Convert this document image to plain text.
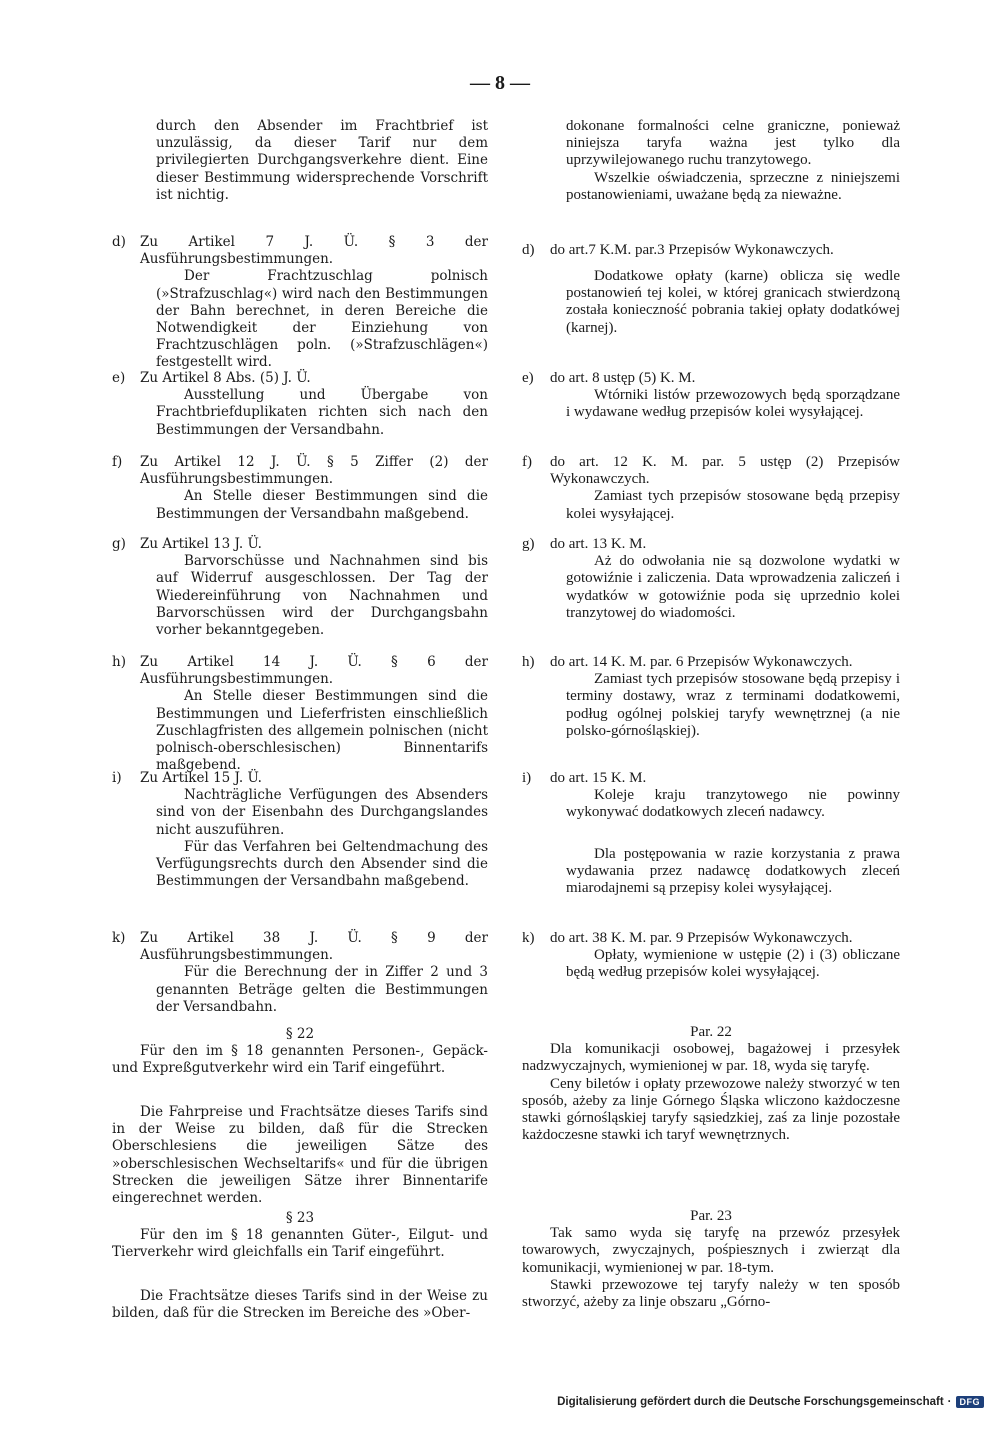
— 8 —

durch den Absender im Frachtbrief ist unzulässig, da dieser Tarif nur dem privilegierten Durchgangsverkehre dient. Eine dieser Bestimmung widersprechende Vorschrift ist nichtig.

d) Zu Artikel 7 J. Ü. § 3 der Ausführungsbestimmungen.

Der Frachtzuschlag polnisch (»Strafzuschlag«) wird nach den Bestimmungen der Bahn berechnet, in deren Bereiche die Notwendigkeit der Einziehung von Frachtzuschlägen poln. (»Strafzuschlägen«) festgestellt wird.

e) Zu Artikel 8 Abs. (5) J. Ü.

Ausstellung und Übergabe von Frachtbriefduplikaten richten sich nach den Bestimmungen der Versandbahn.

f) Zu Artikel 12 J. Ü. § 5 Ziffer (2) der Ausführungsbestimmungen.

An Stelle dieser Bestimmungen sind die Bestimmungen der Versandbahn maßgebend.

g) Zu Artikel 13 J. Ü.

Barvorschüsse und Nachnahmen sind bis auf Widerruf ausgeschlossen. Der Tag der Wiedereinführung von Nachnahmen und Barvorschüssen wird der Durchgangsbahn vorher bekanntgegeben.

h) Zu Artikel 14 J. Ü. § 6 der Ausführungsbestimmungen.

An Stelle dieser Bestimmungen sind die Bestimmungen und Lieferfristen einschließlich Zuschlagfristen des allgemein polnischen (nicht polnisch-oberschlesischen) Binnentarifs maßgebend.

i) Zu Artikel 15 J. Ü.

Nachträgliche Verfügungen des Absenders sind von der Eisenbahn des Durchgangslandes nicht auszuführen.

Für das Verfahren bei Geltendmachung des Verfügungsrechts durch den Absender sind die Bestimmungen der Versandbahn maßgebend.

k) Zu Artikel 38 J. Ü. § 9 der Ausführungsbestimmungen.

Für die Berechnung der in Ziffer 2 und 3 genannten Beträge gelten die Bestimmungen der Versandbahn.

§ 22

Für den im § 18 genannten Personen-, Gepäck- und Expreßgutverkehr wird ein Tarif eingeführt.

Die Fahrpreise und Frachtsätze dieses Tarifs sind in der Weise zu bilden, daß für die Strecken Oberschlesiens die jeweiligen Sätze des »oberschlesischen Wechseltarifs« und für die übrigen Strecken die jeweiligen Sätze ihrer Binnentarife eingerechnet werden.

§ 23

Für den im § 18 genannten Güter-, Eilgut- und Tierverkehr wird gleichfalls ein Tarif eingeführt.

Die Frachtsätze dieses Tarifs sind in der Weise zu bilden, daß für die Strecken im Bereiche des »Ober-

dokonane formalności celne graniczne, ponieważ niniejsza taryfa ważna jest tylko dla uprzywilejowanego ruchu tranzytowego.

Wszelkie oświadczenia, sprzeczne z niniejszemi postanowieniami, uważane będą za nieważne.

d) do art.7 K.M. par.3 Przepisów Wykonawczych.

Dodatkowe opłaty (karne) oblicza się wedle postanowień tej kolei, w której granicach stwierdzoną została konieczność pobrania takiej opłaty dodatkówej (karnej).

e) do art. 8 ustęp (5) K. M.

Wtórniki listów przewozowych będą sporządzane i wydawane według przepisów kolei wysyłającej.

f) do art. 12 K. M. par. 5 ustęp (2) Przepisów Wykonawczych.

Zamiast tych przepisów stosowane będą przepisy kolei wysyłającej.

g) do art. 13 K. M.

Aż do odwołania nie są dozwolone wydatki w gotowiźnie i zaliczenia. Data wprowadzenia zaliczeń i wydatków w gotowiźnie poda się uprzednio kolei tranzytowej do wiadomości.

h) do art. 14 K. M. par. 6 Przepisów Wykonawczych.

Zamiast tych przepisów stosowane będą przepisy i terminy dostawy, wraz z terminami dodatkowemi, podług ogólnej polskiej taryfy wewnętrznej (a nie polsko-górnośląskiej).

i) do art. 15 K. M.

Koleje kraju tranzytowego nie powinny wykonywać dodatkowych zleceń nadawcy.

Dla postępowania w razie korzystania z prawa wydawania przez nadawcę dodatkowych zleceń miarodajnemi są przepisy kolei wysyłającej.

k) do art. 38 K. M. par. 9 Przepisów Wykonawczych.

Opłaty, wymienione w ustępie (2) i (3) obliczane będą według przepisów kolei wysyłającej.

Par. 22

Dla komunikacji osobowej, bagażowej i przesyłek nadzwyczajnych, wymienionej w par. 18, wyda się taryfę.

Ceny biletów i opłaty przewozowe należy stworzyć w ten sposób, ażeby za linje Górnego Śląska wliczono każdoczesne stawki górnośląskiej taryfy sąsiedzkiej, zaś za linje pozostałe każdoczesne stawki ich taryf wewnętrznych.

Par. 23

Tak samo wyda się taryfę na przewóz przesyłek towarowych, zwyczajnych, pośpiesznych i zwierząt dla komunikacji, wymienionej w par. 18-tym.

Stawki przewozowe tej taryfy należy w ten sposób stworzyć, ażeby za linje obszaru „Górno-

Digitalisierung gefördert durch die Deutsche Forschungsgemeinschaft · DFG
